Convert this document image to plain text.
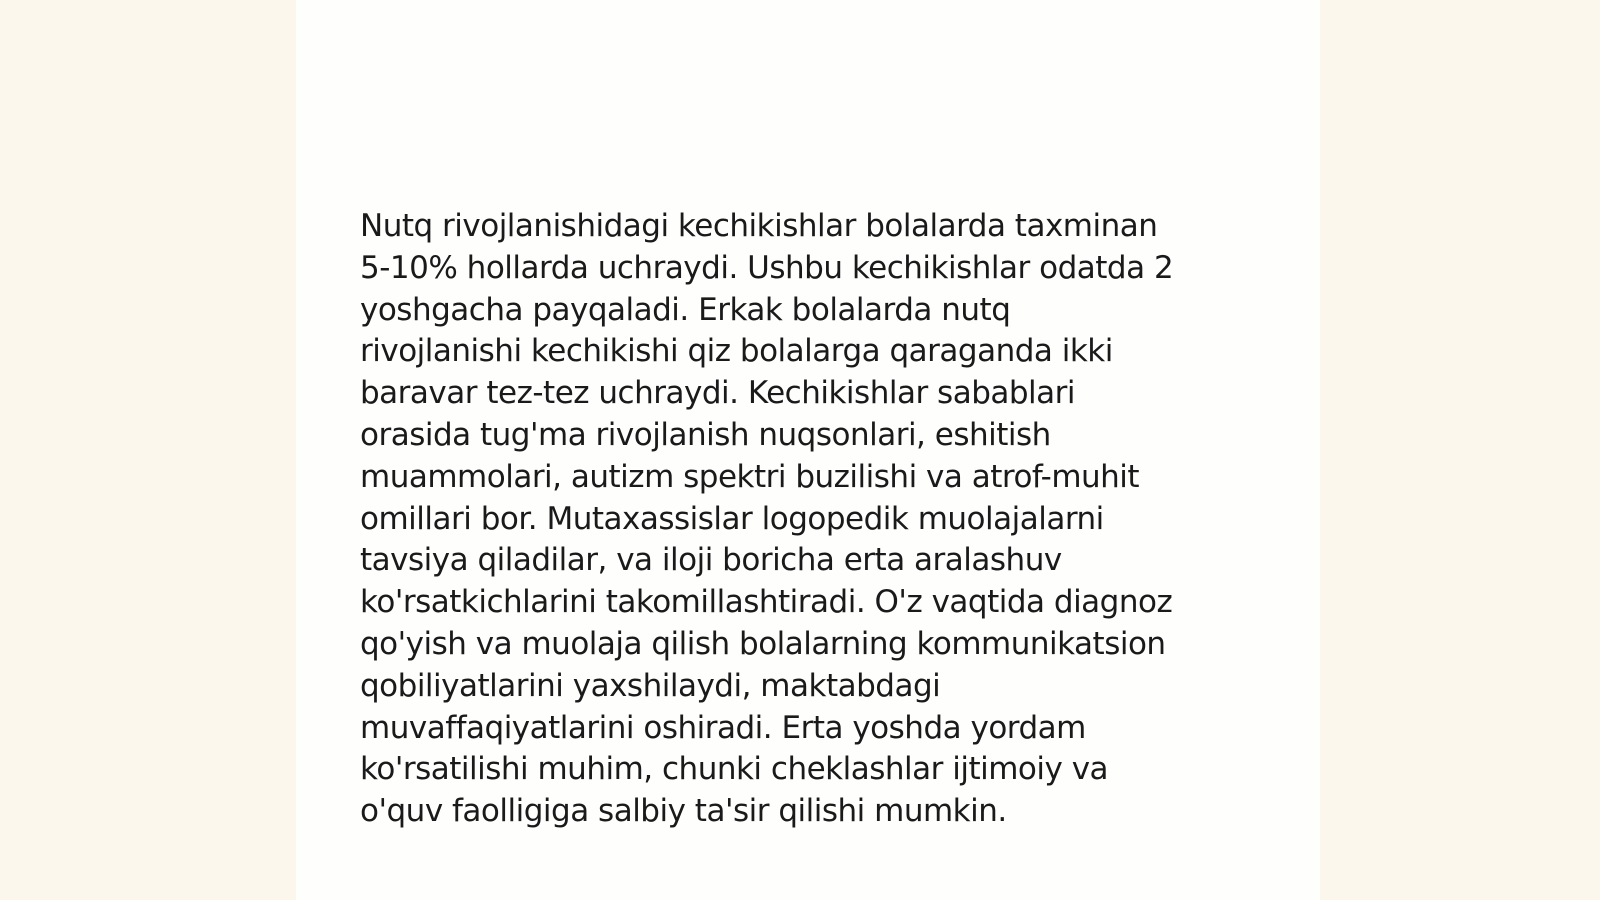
Nutq rivojlanishidagi kechikishlar bolalarda taxminan
5-10% hollarda uchraydi. Ushbu kechikishlar odatda 2
yoshgacha payqaladi. Erkak bolalarda nutq
rivojlanishi kechikishi qiz bolalarga qaraganda ikki
baravar tez-tez uchraydi. Kechikishlar sabablari
orasida tug'ma rivojlanish nuqsonlari, eshitish
muammolari, autizm spektri buzilishi va atrof-muhit
omillari bor. Mutaxassislar logopedik muolajalarni
tavsiya qiladilar, va iloji boricha erta aralashuv
ko'rsatkichlarini takomillashtiradi. O'z vaqtida diagnoz
qo'yish va muolaja qilish bolalarning kommunikatsion
qobiliyatlarini yaxshilaydi, maktabdagi
muvaffaqiyatlarini oshiradi. Erta yoshda yordam
ko'rsatilishi muhim, chunki cheklashlar ijtimoiy va
o'quv faolligiga salbiy ta'sir qilishi mumkin.
